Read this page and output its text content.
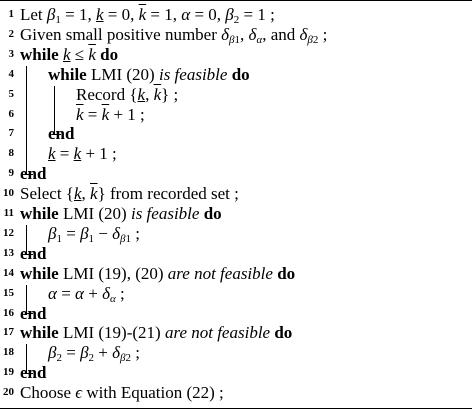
1 Let $\beta_1 = 1$, k = 0, $\overline{k} = 1$, α = 0, $\beta_2 = 1$ ;
2 Given small positive number $\delta_{\beta 1}$, $\delta_\alpha$, and $\delta_{\beta 2}$ ;
3 while $k \le \overline{k}$ do
4 while LMI (20) is feasible do
5	Record {k, $\overline{k}$} ;
6	$\overline{k} = \overline{k} + 1$ ;
7 end
8 k = k + 1 ;
9 end
10 Select {k, $\overline{k}$} from recorded set ;
11 while LMI (20) is feasible do
12 $\beta_1 = \beta_1 - \delta_{\beta 1}$ ;
13 end
14 while LMI (19), (20) are not feasible do
15 $\alpha = \alpha + \delta_\alpha$ ;
16 end
17 while LMI (19)-(21) are not feasible do
18 $\beta_2 = \beta_2 + \delta_{\beta 2}$ ;
19 end
20 Choose ϵ with Equation (22) ;
